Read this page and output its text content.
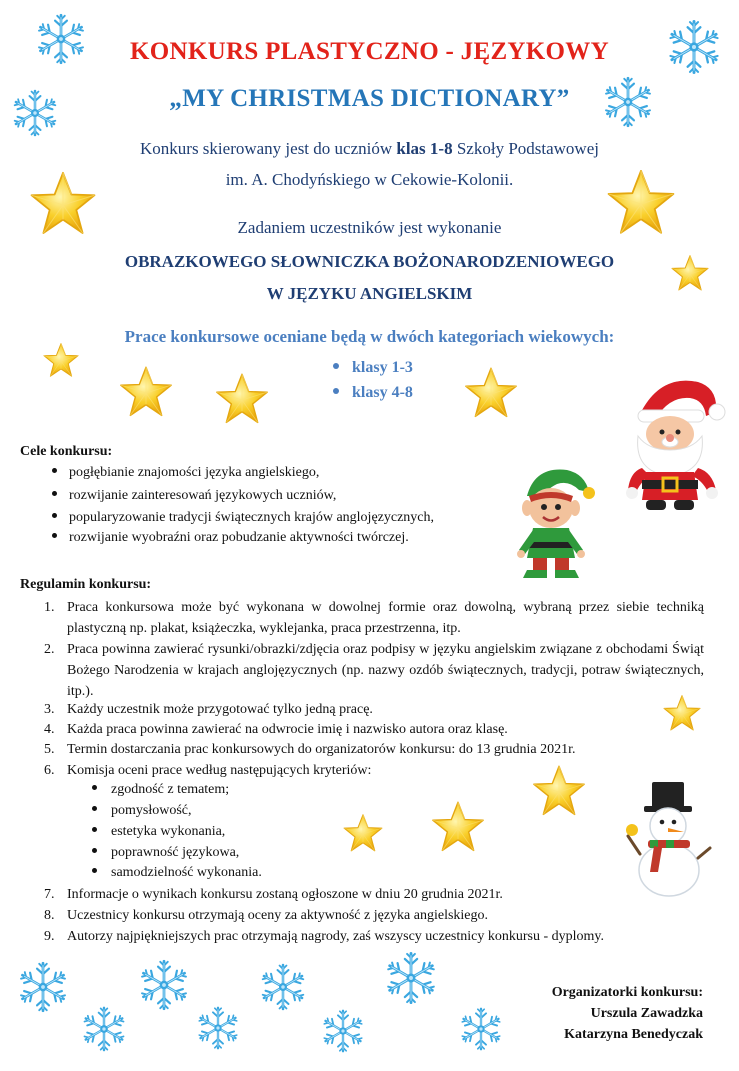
KONKURS PLASTYCZNO - JĘZYKOWY
„MY CHRISTMAS DICTIONARY”
Konkurs skierowany jest do uczniów klas 1-8 Szkoły Podstawowej
im. A. Chodyńskiego w Cekowie-Kolonii.
Zadaniem uczestników jest wykonanie
OBRAZKOWEGO SŁOWNICZKA BOŻONARODZENIOWEGO
W JĘZYKU ANGIELSKIM
Prace konkursowe oceniane będą w dwóch kategoriach wiekowych:
klasy 1-3
klasy 4-8
Cele konkursu:
pogłębianie znajomości języka angielskiego,
rozwijanie zainteresowań językowych uczniów,
popularyzowanie tradycji świątecznych krajów anglojęzycznych,
rozwijanie wyobraźni oraz pobudzanie aktywności twórczej.
Regulamin konkursu:
1. Praca konkursowa może być wykonana w dowolnej formie oraz dowolną, wybraną przez siebie techniką plastyczną np. plakat, książeczka, wyklejanka, praca przestrzenna, itp.
2. Praca powinna zawierać rysunki/obrazki/zdjęcia oraz podpisy w języku angielskim związane z obchodami Świąt Bożego Narodzenia w krajach anglojęzycznych (np. nazwy ozdób świątecznych, tradycji, potraw świątecznych, itp.).
3. Każdy uczestnik może przygotować tylko jedną pracę.
4. Każda praca powinna zawierać na odwrocie imię i nazwisko autora oraz klasę.
5. Termin dostarczania prac konkursowych do organizatorów konkursu: do 13 grudnia 2021r.
6. Komisja oceni prace według następujących kryteriów:
zgodność z tematem;
pomysłowość,
estetyka wykonania,
poprawność językowa,
samodzielność wykonania.
7. Informacje o wynikach konkursu zostaną ogłoszone w dniu 20 grudnia 2021r.
8. Uczestnicy konkursu otrzymają oceny za aktywność z języka angielskiego.
9. Autorzy najpiękniejszych prac otrzymają nagrody, zaś wszyscy uczestnicy konkursu - dyplomy.
Organizatorki konkursu:
Urszula Zawadzka
Katarzyna Benedyczak
